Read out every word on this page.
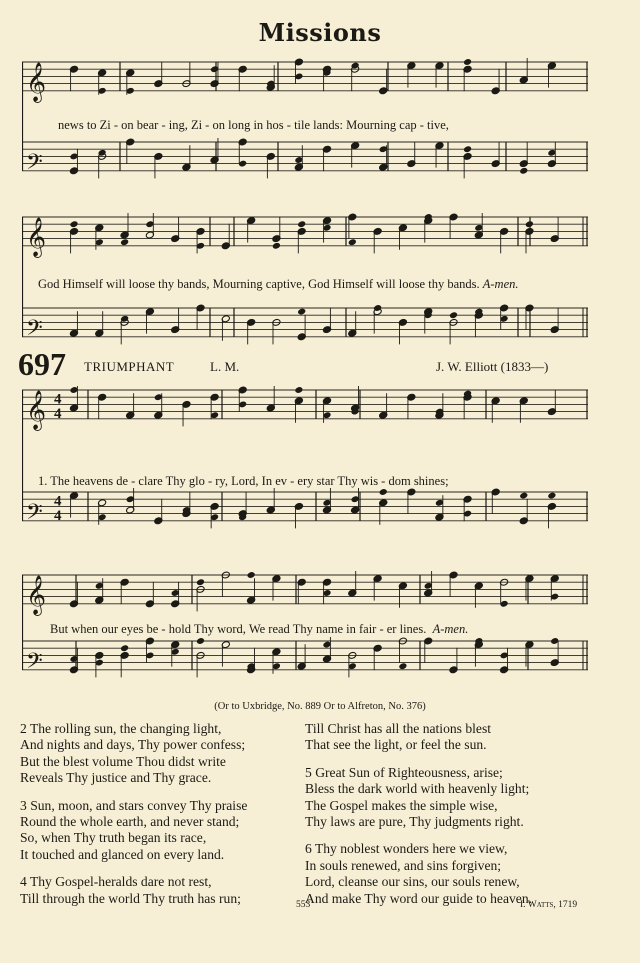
Missions
𝄞
𝄢
news to Zi - on bear - ing, Zi - on long in hos - tile lands: Mourning cap - tive,
𝄞
𝄢
God Himself will loose thy bands, Mourning captive, God Himself will loose thy bands. A-men.
697 TRIUMPHANT	L. M.	J. W. Elliott (1833—)
𝄞 4
4
𝄢 4
4
1. The heavens de - clare Thy glo - ry, Lord, In ev - ery star Thy wis - dom shines;
𝄞
𝄢
But when our eyes be - hold Thy word, We read Thy name in fair - er lines. A-men.
(Or to Uxbridge, No. 889 Or to Alfreton, No. 376)
2 The rolling sun, the changing light,
And nights and days, Thy power confess;
But the blest volume Thou didst write
Reveals Thy justice and Thy grace.
3 Sun, moon, and stars convey Thy praise
Round the whole earth, and never stand;
So, when Thy truth began its race,
It touched and glanced on every land.
4 Thy Gospel-heralds dare not rest,
Till through the world Thy truth has run;
Till Christ has all the nations blest
That see the light, or feel the sun.
5 Great Sun of Righteousness, arise;
Bless the dark world with heavenly light;
The Gospel makes the simple wise,
Thy laws are pure, Thy judgments right.
6 Thy noblest wonders here we view,
In souls renewed, and sins forgiven;
Lord, cleanse our sins, our souls renew,
And make Thy word our guide to heaven.
553	I. Watts, 1719
